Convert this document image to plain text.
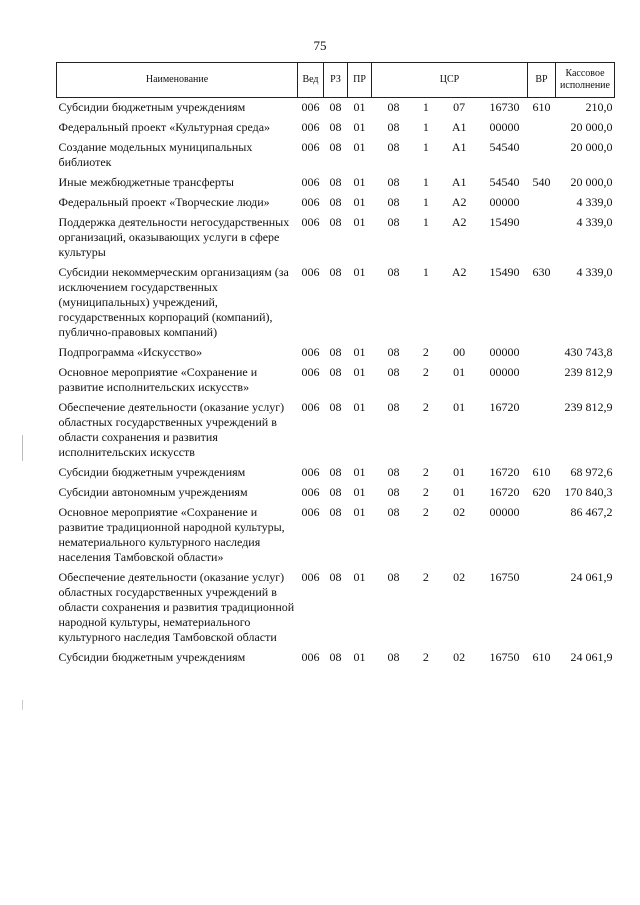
75
Наименование	Вед	РЗ	ПР	ЦСР	ВР	Кассовое исполнение
Субсидии бюджетным учреждениям	006	08	01	08 1 07 16730	610	210,0
Федеральный проект «Культурная среда»	006	08	01	08 1 A1 00000		20 000,0
Создание модельных муниципальных библиотек	006	08	01	08 1 A1 54540		20 000,0
Иные межбюджетные трансферты	006	08	01	08 1 A1 54540	540	20 000,0
Федеральный проект «Творческие люди»	006	08	01	08 1 A2 00000		4 339,0
Поддержка деятельности негосударственных организаций, оказывающих услуги в сфере культуры	006	08	01	08 1 A2 15490		4 339,0
Субсидии некоммерческим организациям (за исключением государственных (муниципальных) учреждений, государственных корпораций (компаний), публично-правовых компаний)	006	08	01	08 1 A2 15490	630	4 339,0
Подпрограмма «Искусство»	006	08	01	08 2 00 00000		430 743,8
Основное мероприятие «Сохранение и развитие исполнительских искусств»	006	08	01	08 2 01 00000		239 812,9
Обеспечение деятельности (оказание услуг) областных государственных учреждений в области сохранения и развития исполнительских искусств	006	08	01	08 2 01 16720		239 812,9
Субсидии бюджетным учреждениям	006	08	01	08 2 01 16720	610	68 972,6
Субсидии автономным учреждениям	006	08	01	08 2 01 16720	620	170 840,3
Основное мероприятие «Сохранение и развитие традиционной народной культуры, нематериального культурного наследия населения Тамбовской области»	006	08	01	08 2 02 00000		86 467,2
Обеспечение деятельности (оказание услуг) областных государственных учреждений в области сохранения и развития традиционной народной культуры, нематериального культурного наследия Тамбовской области	006	08	01	08 2 02 16750		24 061,9
Субсидии бюджетным учреждениям	006	08	01	08 2 02 16750	610	24 061,9
